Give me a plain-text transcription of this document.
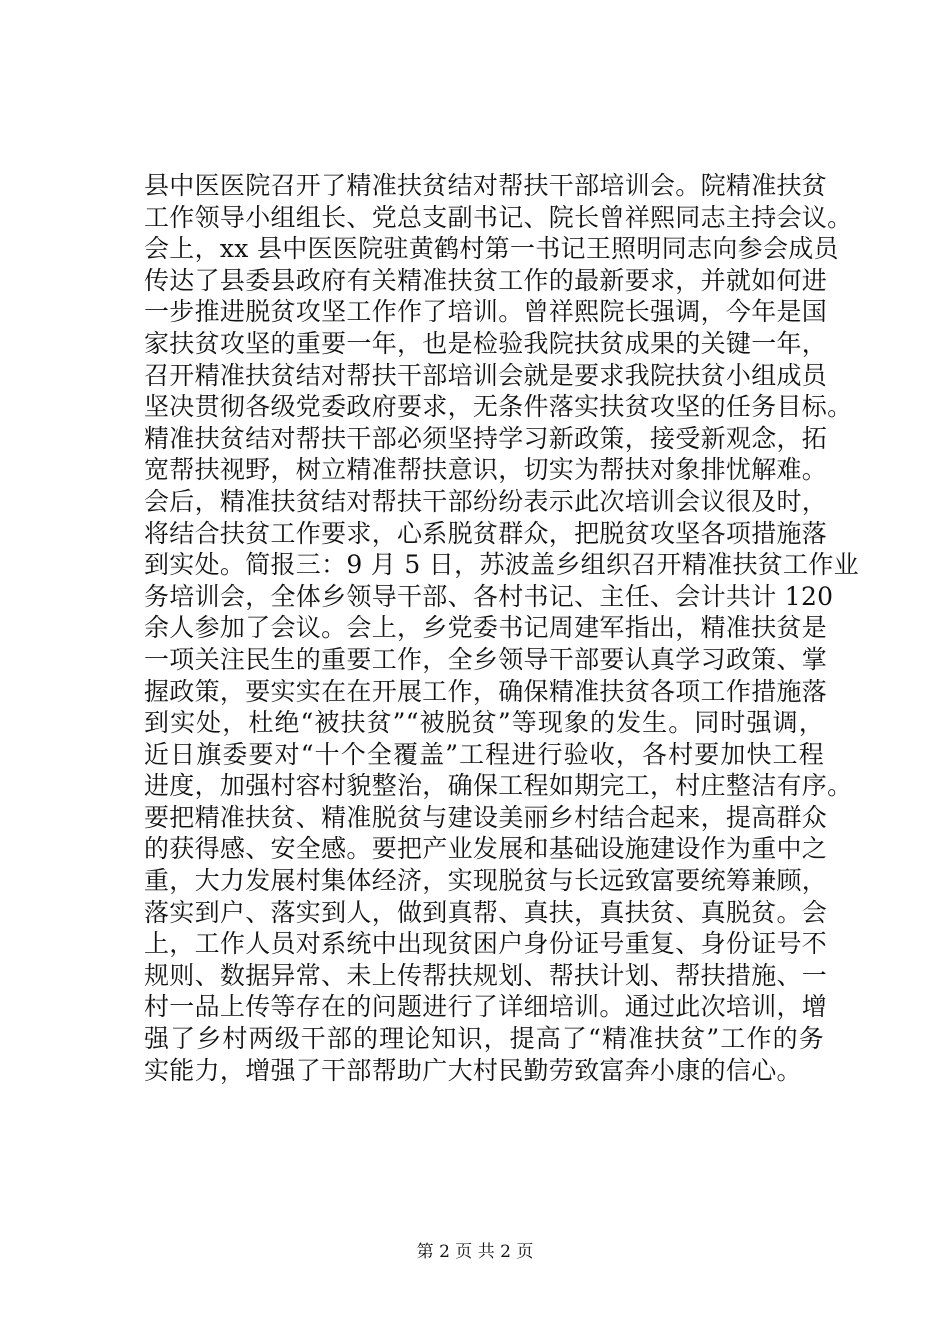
县中医医院召开了精准扶贫结对帮扶干部培训会。院精准扶贫
工作领导小组组长、党总支副书记、院长曾祥熙同志主持会议。
会上，xx 县中医医院驻黄鹤村第一书记王照明同志向参会成员
传达了县委县政府有关精准扶贫工作的最新要求，并就如何进
一步推进脱贫攻坚工作作了培训。曾祥熙院长强调，今年是国
家扶贫攻坚的重要一年，也是检验我院扶贫成果的关键一年，
召开精准扶贫结对帮扶干部培训会就是要求我院扶贫小组成员
坚决贯彻各级党委政府要求，无条件落实扶贫攻坚的任务目标。
精准扶贫结对帮扶干部必须坚持学习新政策，接受新观念，拓
宽帮扶视野，树立精准帮扶意识，切实为帮扶对象排忧解难。
会后，精准扶贫结对帮扶干部纷纷表示此次培训会议很及时，
将结合扶贫工作要求，心系脱贫群众，把脱贫攻坚各项措施落
到实处。简报三：9 月 5 日，苏波盖乡组织召开精准扶贫工作业
务培训会，全体乡领导干部、各村书记、主任、会计共计 120
余人参加了会议。会上，乡党委书记周建军指出，精准扶贫是
一项关注民生的重要工作，全乡领导干部要认真学习政策、掌
握政策，要实实在在开展工作，确保精准扶贫各项工作措施落
到实处，杜绝“被扶贫”“被脱贫”等现象的发生。同时强调，
近日旗委要对“十个全覆盖”工程进行验收，各村要加快工程
进度，加强村容村貌整治，确保工程如期完工，村庄整洁有序。
要把精准扶贫、精准脱贫与建设美丽乡村结合起来，提高群众
的获得感、安全感。要把产业发展和基础设施建设作为重中之
重，大力发展村集体经济，实现脱贫与长远致富要统筹兼顾，
落实到户、落实到人，做到真帮、真扶，真扶贫、真脱贫。会
上，工作人员对系统中出现贫困户身份证号重复、身份证号不
规则、数据异常、未上传帮扶规划、帮扶计划、帮扶措施、一
村一品上传等存在的问题进行了详细培训。通过此次培训，增
强了乡村两级干部的理论知识，提高了“精准扶贫”工作的务
实能力，增强了干部帮助广大村民勤劳致富奔小康的信心。
第 2 页 共 2 页
